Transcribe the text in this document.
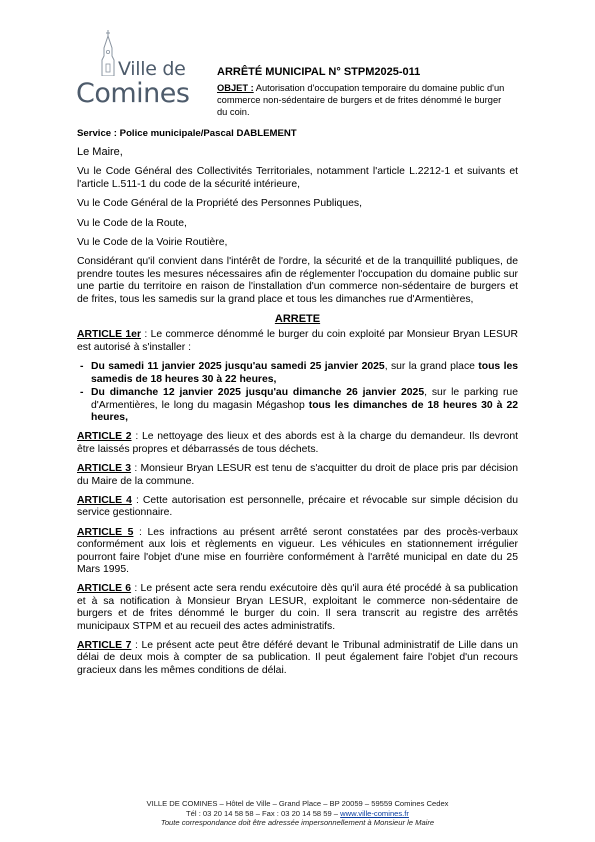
Ville de
Comines
ARRÊTÉ MUNICIPAL N° STPM2025-011
OBJET : Autorisation d'occupation temporaire du domaine public d'un commerce non-sédentaire de burgers et de frites dénommé le burger du coin.
Service : Police municipale/Pascal DABLEMENT

Le Maire,

Vu le Code Général des Collectivités Territoriales, notamment l'article L.2212-1 et suivants et l'article L.511-1 du code de la sécurité intérieure,

Vu le Code Général de la Propriété des Personnes Publiques,

Vu le Code de la Route,

Vu le Code de la Voirie Routière,

Considérant qu'il convient dans l'intérêt de l'ordre, la sécurité et de la tranquillité publiques, de prendre toutes les mesures nécessaires afin de réglementer l'occupation du domaine public sur une partie du territoire en raison de l'installation d'un commerce non-sédentaire de burgers et de frites, tous les samedis sur la grand place et tous les dimanches rue d'Armentières,

ARRETE

ARTICLE 1er : Le commerce dénommé le burger du coin exploité par Monsieur Bryan LESUR est autorisé à s'installer :

- Du samedi 11 janvier 2025 jusqu'au samedi 25 janvier 2025, sur la grand place tous les samedis de 18 heures 30 à 22 heures,
- Du dimanche 12 janvier 2025 jusqu'au dimanche 26 janvier 2025, sur le parking rue d'Armentières, le long du magasin Mégashop tous les dimanches de 18 heures 30 à 22 heures,

ARTICLE 2 : Le nettoyage des lieux et des abords est à la charge du demandeur. Ils devront être laissés propres et débarrassés de tous déchets.

ARTICLE 3 : Monsieur Bryan LESUR est tenu de s'acquitter du droit de place pris par décision du Maire de la commune.

ARTICLE 4 : Cette autorisation est personnelle, précaire et révocable sur simple décision du service gestionnaire.

ARTICLE 5 : Les infractions au présent arrêté seront constatées par des procès-verbaux conformément aux lois et règlements en vigueur. Les véhicules en stationnement irrégulier pourront faire l'objet d'une mise en fourrière conformément à l'arrêté municipal en date du 25 Mars 1995.

ARTICLE 6 : Le présent acte sera rendu exécutoire dès qu'il aura été procédé à sa publication et à sa notification à Monsieur Bryan LESUR, exploitant le commerce non-sédentaire de burgers et de frites dénommé le burger du coin. Il sera transcrit au registre des arrêtés municipaux STPM et au recueil des actes administratifs.

ARTICLE 7 : Le présent acte peut être déféré devant le Tribunal administratif de Lille dans un délai de deux mois à compter de sa publication. Il peut également faire l'objet d'un recours gracieux dans les mêmes conditions de délai.

VILLE DE COMINES – Hôtel de Ville – Grand Place – BP 20059 – 59559 Comines Cedex
Tél : 03 20 14 58 58 – Fax : 03 20 14 58 59 – www.ville-comines.fr
Toute correspondance doit être adressée impersonnellement à Monsieur le Maire
